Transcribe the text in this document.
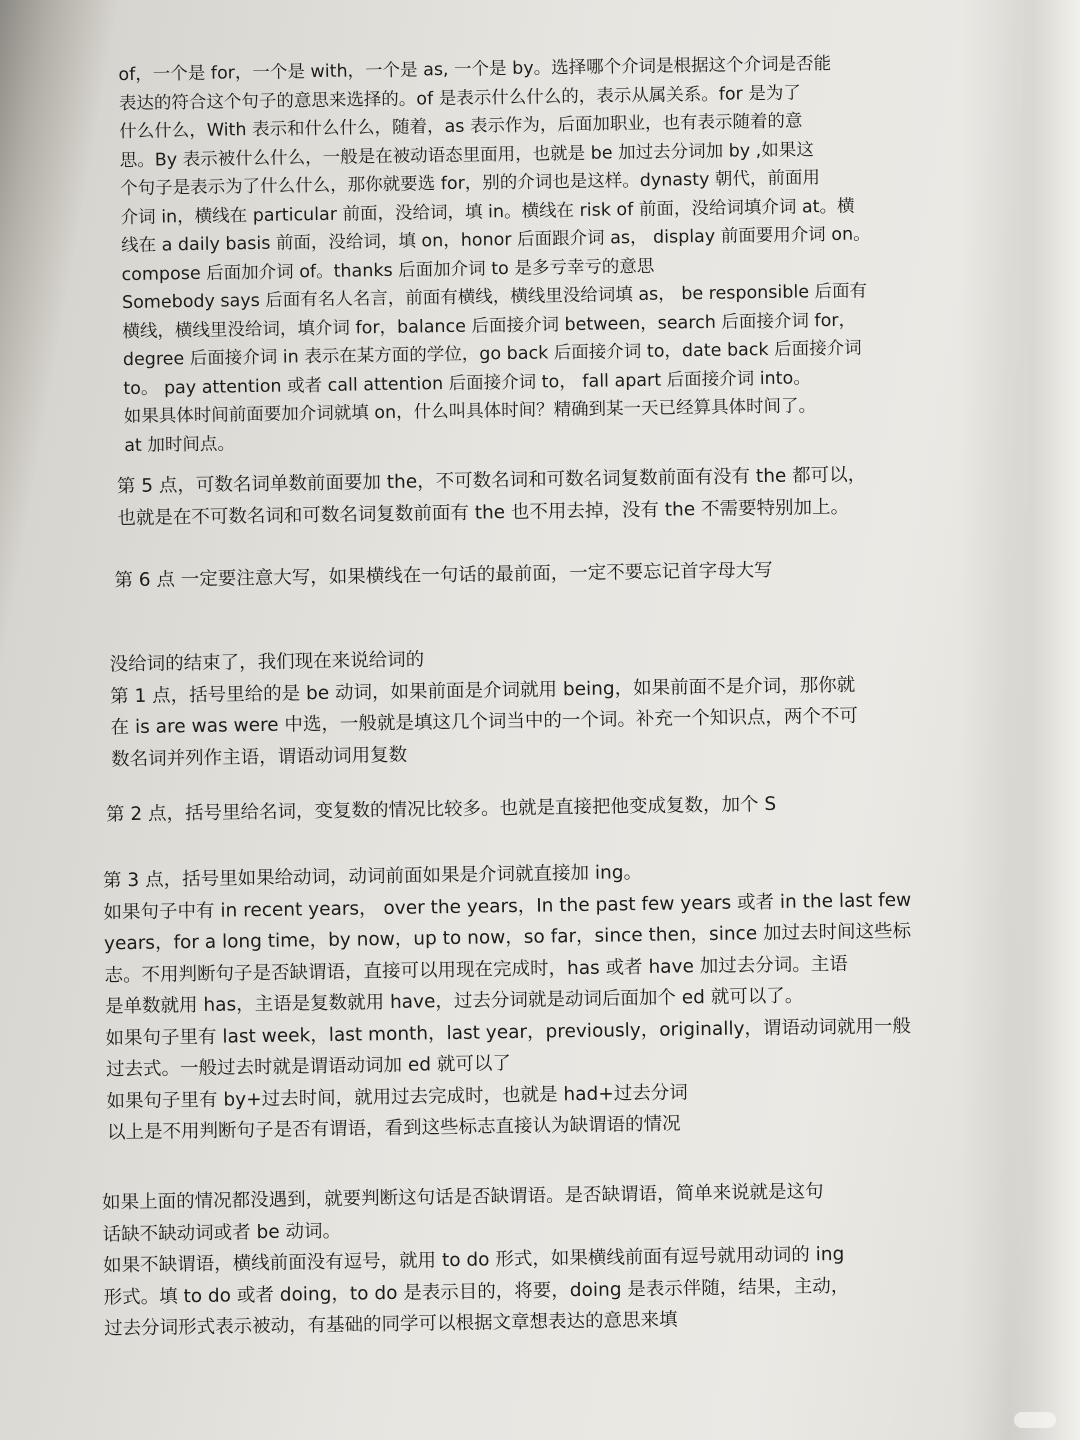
of，一个是 for，一个是 with，一个是 as, 一个是 by。选择哪个介词是根据这个介词是否能

表达的符合这个句子的意思来选择的。of 是表示什么什么的，表示从属关系。for 是为了

什么什么，With 表示和什么什么，随着，as 表示作为，后面加职业，也有表示随着的意

思。By 表示被什么什么，一般是在被动语态里面用，也就是 be 加过去分词加 by ,如果这

个句子是表示为了什么什么，那你就要选 for，别的介词也是这样。dynasty 朝代，前面用

介词 in，横线在 particular 前面，没给词，填 in。横线在 risk of 前面，没给词填介词 at。横

线在 a daily basis 前面，没给词，填 on，honor 后面跟介词 as， display 前面要用介词 on。

compose 后面加介词 of。thanks 后面加介词 to 是多亏幸亏的意思

Somebody says 后面有名人名言，前面有横线，横线里没给词填 as， be responsible 后面有

横线，横线里没给词，填介词 for，balance 后面接介词 between，search 后面接介词 for，

degree 后面接介词 in 表示在某方面的学位，go back 后面接介词 to，date back 后面接介词

to。 pay attention 或者 call attention 后面接介词 to， fall apart 后面接介词 into。

如果具体时间前面要加介词就填 on，什么叫具体时间？精确到某一天已经算具体时间了。

at 加时间点。

第 5 点，可数名词单数前面要加 the，不可数名词和可数名词复数前面有没有 the 都可以，

也就是在不可数名词和可数名词复数前面有 the 也不用去掉，没有 the 不需要特别加上。

第 6 点 一定要注意大写，如果横线在一句话的最前面，一定不要忘记首字母大写

没给词的结束了，我们现在来说给词的

第 1 点，括号里给的是 be 动词，如果前面是介词就用 being，如果前面不是介词，那你就

在 is are was were 中选，一般就是填这几个词当中的一个词。补充一个知识点，两个不可

数名词并列作主语，谓语动词用复数

第 2 点，括号里给名词，变复数的情况比较多。也就是直接把他变成复数，加个 S

第 3 点，括号里如果给动词，动词前面如果是介词就直接加 ing。

如果句子中有 in recent years， over the years，In the past few years 或者 in the last few

years，for a long time，by now，up to now，so far，since then，since 加过去时间这些标

志。不用判断句子是否缺谓语，直接可以用现在完成时，has 或者 have 加过去分词。主语

是单数就用 has，主语是复数就用 have，过去分词就是动词后面加个 ed 就可以了。

如果句子里有 last week，last month，last year，previously，originally，谓语动词就用一般

过去式。一般过去时就是谓语动词加 ed 就可以了

如果句子里有 by+过去时间，就用过去完成时，也就是 had+过去分词

以上是不用判断句子是否有谓语，看到这些标志直接认为缺谓语的情况

如果上面的情况都没遇到，就要判断这句话是否缺谓语。是否缺谓语，简单来说就是这句

话缺不缺动词或者 be 动词。

如果不缺谓语，横线前面没有逗号，就用 to do 形式，如果横线前面有逗号就用动词的 ing

形式。填 to do 或者 doing，to do 是表示目的，将要，doing 是表示伴随，结果，主动，

过去分词形式表示被动，有基础的同学可以根据文章想表达的意思来填
